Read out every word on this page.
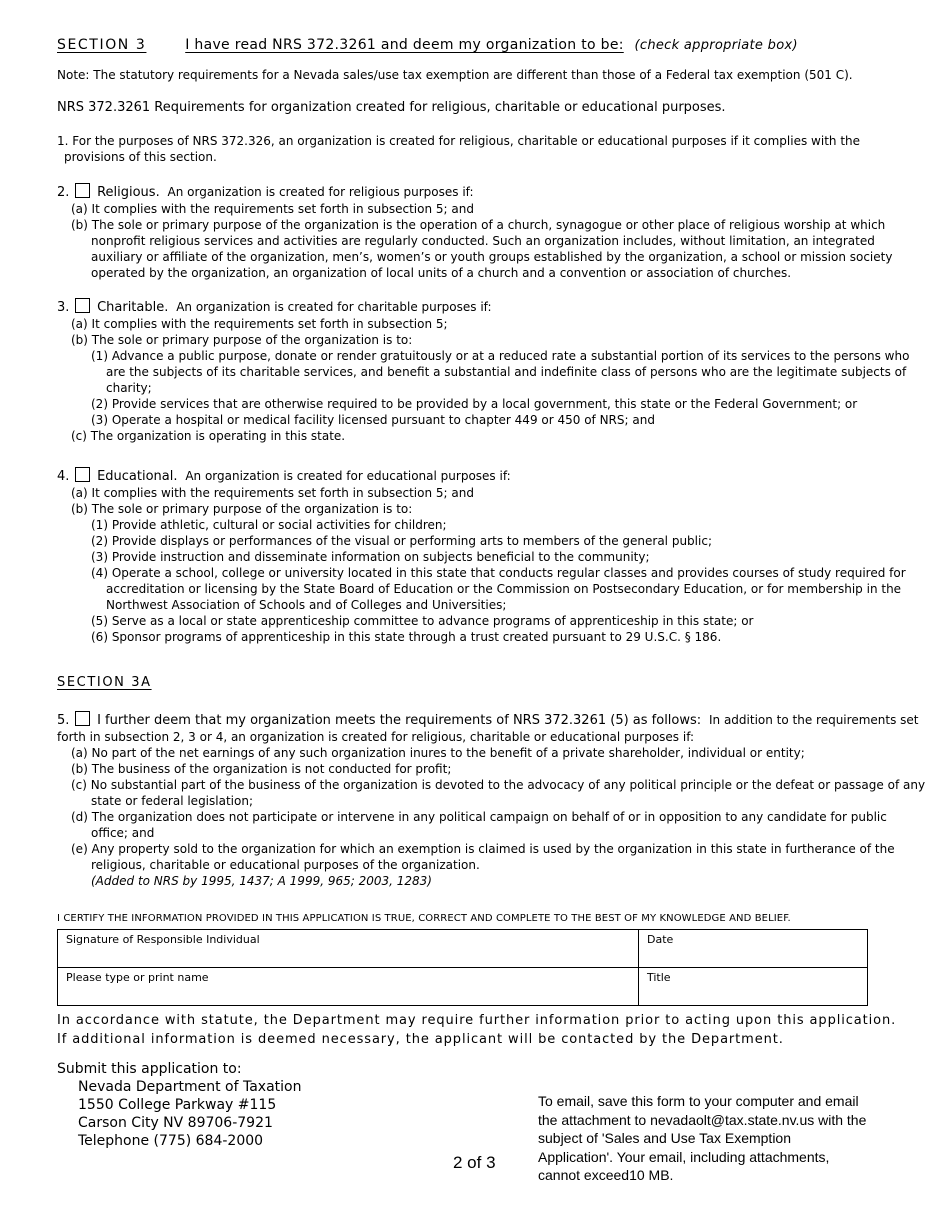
SECTION 3	I have read NRS 372.3261 and deem my organization to be: (check appropriate box)
Note: The statutory requirements for a Nevada sales/use tax exemption are different than those of a Federal tax exemption (501 C).
NRS 372.3261 Requirements for organization created for religious, charitable or educational purposes.
1. For the purposes of NRS 372.326, an organization is created for religious, charitable or educational purposes if it complies with the
provisions of this section.
2. Religious. An organization is created for religious purposes if:
(a) It complies with the requirements set forth in subsection 5; and
(b) The sole or primary purpose of the organization is the operation of a church, synagogue or other place of religious worship at which nonprofit religious services and activities are regularly conducted. Such an organization includes, without limitation, an integrated auxiliary or affiliate of the organization, men’s, women’s or youth groups established by the organization, a school or mission society operated by the organization, an organization of local units of a church and a convention or association of churches.
3. Charitable. An organization is created for charitable purposes if:
(a) It complies with the requirements set forth in subsection 5;
(b) The sole or primary purpose of the organization is to:
(1) Advance a public purpose, donate or render gratuitously or at a reduced rate a substantial portion of its services to the persons who are the subjects of its charitable services, and benefit a substantial and indefinite class of persons who are the legitimate subjects of charity;
(2) Provide services that are otherwise required to be provided by a local government, this state or the Federal Government; or
(3) Operate a hospital or medical facility licensed pursuant to chapter 449 or 450 of NRS; and
(c) The organization is operating in this state.
4. Educational. An organization is created for educational purposes if:
(a) It complies with the requirements set forth in subsection 5; and
(b) The sole or primary purpose of the organization is to:
(1) Provide athletic, cultural or social activities for children;
(2) Provide displays or performances of the visual or performing arts to members of the general public;
(3) Provide instruction and disseminate information on subjects beneficial to the community;
(4) Operate a school, college or university located in this state that conducts regular classes and provides courses of study required for accreditation or licensing by the State Board of Education or the Commission on Postsecondary Education, or for membership in the Northwest Association of Schools and of Colleges and Universities;
(5) Serve as a local or state apprenticeship committee to advance programs of apprenticeship in this state; or
(6) Sponsor programs of apprenticeship in this state through a trust created pursuant to 29 U.S.C. § 186.
SECTION 3A
5. I further deem that my organization meets the requirements of NRS 372.3261 (5) as follows: In addition to the requirements set forth in subsection 2, 3 or 4, an organization is created for religious, charitable or educational purposes if:
(a) No part of the net earnings of any such organization inures to the benefit of a private shareholder, individual or entity;
(b) The business of the organization is not conducted for profit;
(c) No substantial part of the business of the organization is devoted to the advocacy of any political principle or the defeat or passage of any state or federal legislation;
(d) The organization does not participate or intervene in any political campaign on behalf of or in opposition to any candidate for public office; and
(e) Any property sold to the organization for which an exemption is claimed is used by the organization in this state in furtherance of the religious, charitable or educational purposes of the organization.
(Added to NRS by 1995, 1437; A 1999, 965; 2003, 1283)
I CERTIFY THE INFORMATION PROVIDED IN THIS APPLICATION IS TRUE, CORRECT AND COMPLETE TO THE BEST OF MY KNOWLEDGE AND BELIEF.
Signature of Responsible Individual	Date
Please type or print name	Title
In accordance with statute, the Department may require further information prior to acting upon this application.
If additional information is deemed necessary, the applicant will be contacted by the Department.
Submit this application to:
Nevada Department of Taxation
1550 College Parkway #115
Carson City NV 89706-7921
Telephone (775) 684-2000
2 of 3
To email, save this form to your computer and email
the attachment to nevadaolt@tax.state.nv.us with the
subject of 'Sales and Use Tax Exemption
Application'. Your email, including attachments,
cannot exceed10 MB.
